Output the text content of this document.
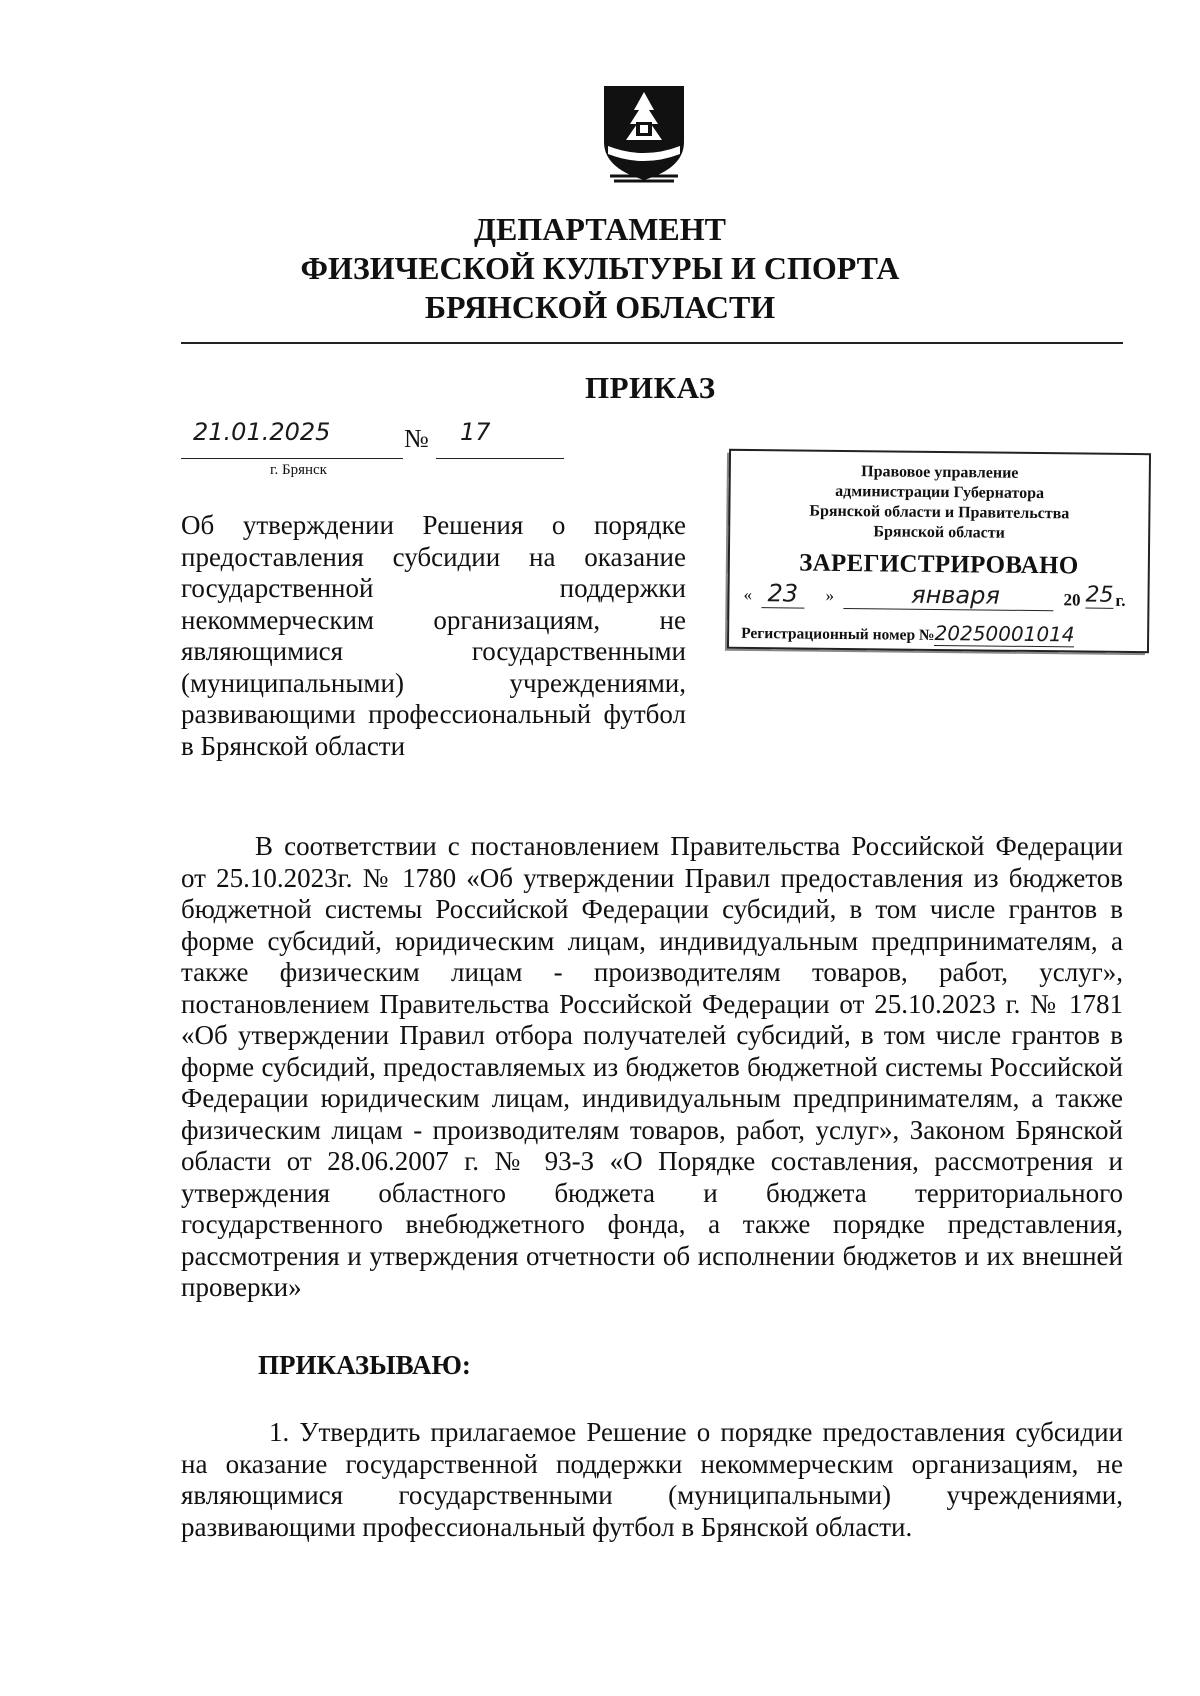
ДЕПАРТАМЕНТ

ФИЗИЧЕСКОЙ КУЛЬТУРЫ И СПОРТА

БРЯНСКОЙ ОБЛАСТИ

ПРИКАЗ

21.01.2025	№ 17
г. Брянск	Правовое управление
администрации Губернатора
Брянской области и Правительства
Брянской области
ЗАРЕГИСТРИРОВАНО
« 23	»	января	20 25 г.
Регистрационный номер №20250001014

Об утверждении Решения о порядке предоставления субсидии на оказание государственной поддержки некоммерческим организациям, не являющимися государственными (муниципальными) учреждениями, развивающими профессиональный футбол в Брянской области

В соответствии с постановлением Правительства Российской Федерации от 25.10.2023г. № 1780 «Об утверждении Правил предоставления из бюджетов бюджетной системы Российской Федерации субсидий, в том числе грантов в форме субсидий, юридическим лицам, индивидуальным предпринимателям, а также физическим лицам - производителям товаров, работ, услуг», постановлением Правительства Российской Федерации от 25.10.2023 г. № 1781 «Об утверждении Правил отбора получателей субсидий, в том числе грантов в форме субсидий, предоставляемых из бюджетов бюджетной системы Российской Федерации юридическим лицам, индивидуальным предпринимателям, а также физическим лицам - производителям товаров, работ, услуг», Законом Брянской области от 28.06.2007 г. № 93-З «О Порядке составления, рассмотрения и утверждения областного бюджета и бюджета территориального государственного внебюджетного фонда, а также порядке представления, рассмотрения и утверждения отчетности об исполнении бюджетов и их внешней проверки»

ПРИКАЗЫВАЮ:

1. Утвердить прилагаемое Решение о порядке предоставления субсидии на оказание государственной поддержки некоммерческим организациям, не являющимися государственными (муниципальными) учреждениями, развивающими профессиональный футбол в Брянской области.
